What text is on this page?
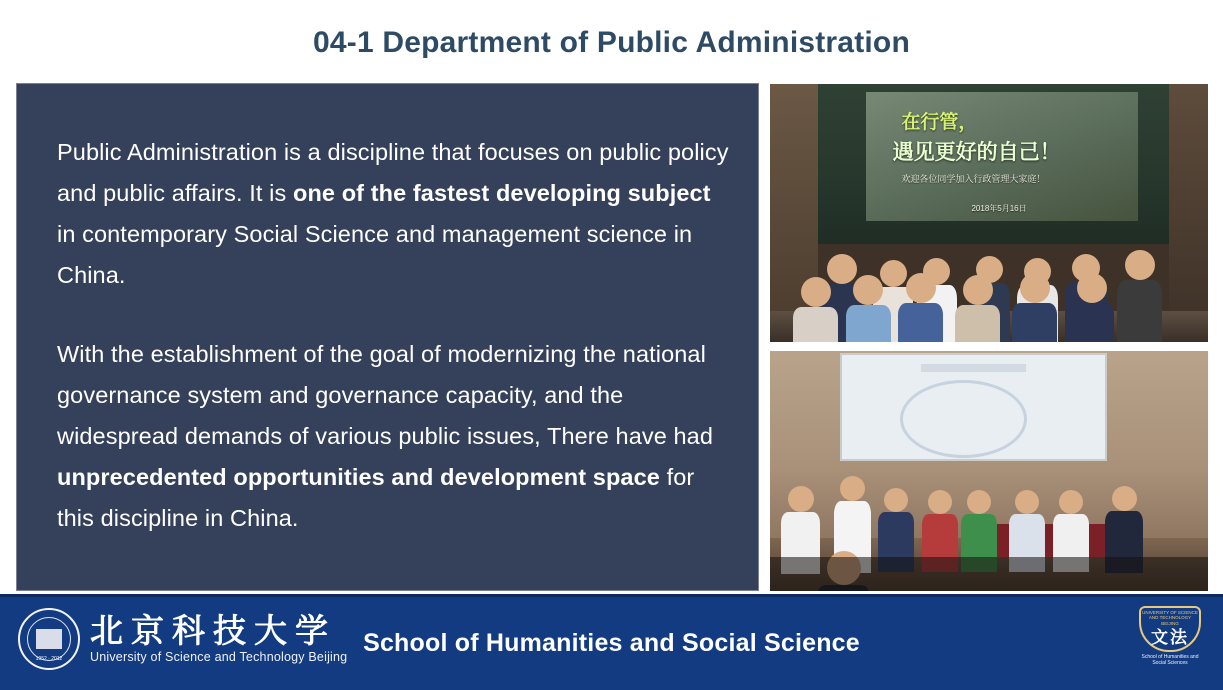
04-1 Department of Public Administration

Public Administration is a discipline that focuses on public policy and public affairs. It is one of the fastest developing subject in contemporary Social Science and management science in China.

With the establishment of the goal of modernizing the national governance system and governance capacity, and the widespread demands of various public issues, There have had unprecedented opportunities and development space for this discipline in China.

在行管，
遇见更好的自己！
欢迎各位同学加入行政管理大家庭！
2018年5月16日
1952 · 2012
北京科技大学
University of Science and Technology Beijing
School of Humanities and Social Science
UNIVERSITY OF SCIENCE AND TECHNOLOGY BEIJING
文法
School of Humanities and Social Sciences
